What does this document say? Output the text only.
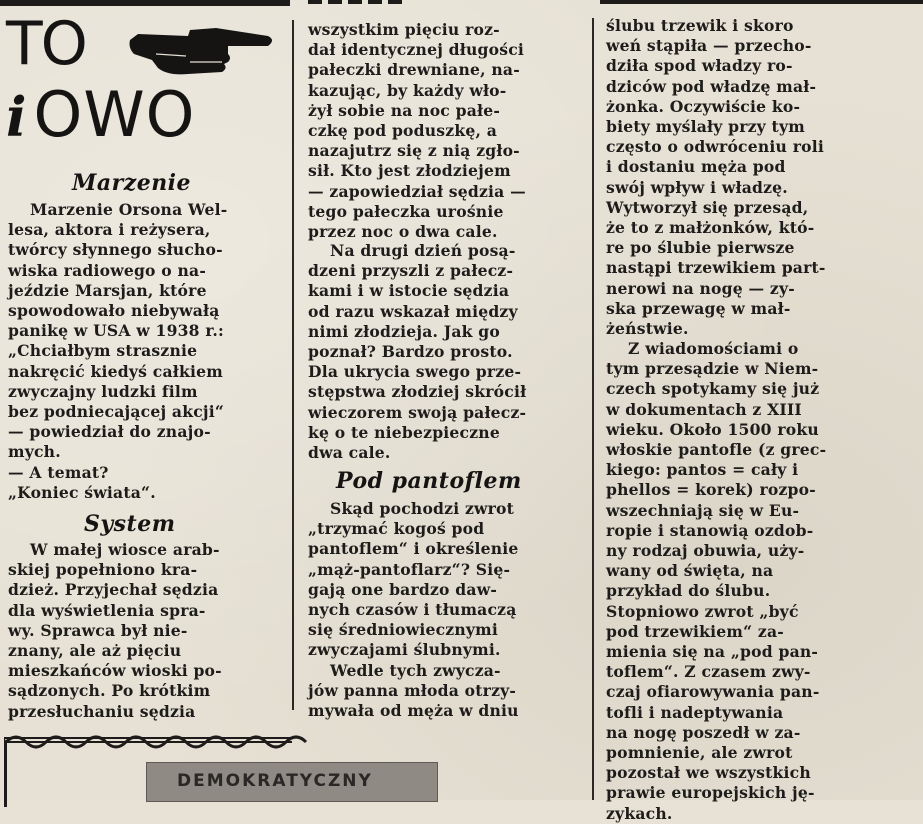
TO
iOWO
Marzenie
Marzenie Orsona Wel-
lesa, aktora i reżysera,
twórcy słynnego słucho-
wiska radiowego o na-
jeździe Marsjan, które
spowodowało niebywałą
panikę w USA w 1938 r.:
„Chciałbym strasznie
nakręcić kiedyś całkiem
zwyczajny ludzki film
bez podniecającej akcji“
— powiedział do znajo-
mych.
— A temat?
„Koniec świata“.
System
W małej wiosce arab-
skiej popełniono kra-
dzież. Przyjechał sędzia
dla wyświetlenia spra-
wy. Sprawca był nie-
znany, ale aż pięciu
mieszkańców wioski po-
sądzonych. Po krótkim
przesłuchaniu sędzia
wszystkim pięciu roz-
dał identycznej długości
pałeczki drewniane, na-
kazując, by każdy wło-
żył sobie na noc pałe-
czkę pod poduszkę, a
nazajutrz się z nią zgło-
sił. Kto jest złodziejem
— zapowiedział sędzia —
tego pałeczka urośnie
przez noc o dwa cale.
Na drugi dzień posą-
dzeni przyszli z pałecz-
kami i w istocie sędzia
od razu wskazał między
nimi złodzieja. Jak go
poznał? Bardzo prosto.
Dla ukrycia swego prze-
stępstwa złodziej skrócił
wieczorem swoją pałecz-
kę o te niebezpieczne
dwa cale.
Pod pantoflem
Skąd pochodzi zwrot
„trzymać kogoś pod
pantoflem“ i określenie
„mąż-pantoflarz“? Się-
gają one bardzo daw-
nych czasów i tłumaczą
się średniowiecznymi
zwyczajami ślubnymi.
Wedle tych zwycza-
jów panna młoda otrzy-
mywała od męża w dniu
ślubu trzewik i skoro
weń stąpiła — przecho-
dziła spod władzy ro-
dziców pod władzę mał-
żonka. Oczywiście ko-
biety myślały przy tym
często o odwróceniu roli
i dostaniu męża pod
swój wpływ i władzę.
Wytworzył się przesąd,
że to z małżonków, któ-
re po ślubie pierwsze
nastąpi trzewikiem part-
nerowi na nogę — zy-
ska przewagę w mał-
żeństwie.
Z wiadomościami o
tym przesądzie w Niem-
czech spotykamy się już
w dokumentach z XIII
wieku. Około 1500 roku
włoskie pantofle (z grec-
kiego: pantos = cały i
phellos = korek) rozpo-
wszechniają się w Eu-
ropie i stanowią ozdob-
ny rodzaj obuwia, uży-
wany od święta, na
przykład do ślubu.
Stopniowo zwrot „być
pod trzewikiem“ za-
mienia się na „pod pan-
toflem“. Z czasem zwy-
czaj ofiarowywania pan-
tofli i nadeptywania
na nogę poszedł w za-
pomnienie, ale zwrot
pozostał we wszystkich
prawie europejskich ję-
zykach.
DEMOKRATYCZNY
